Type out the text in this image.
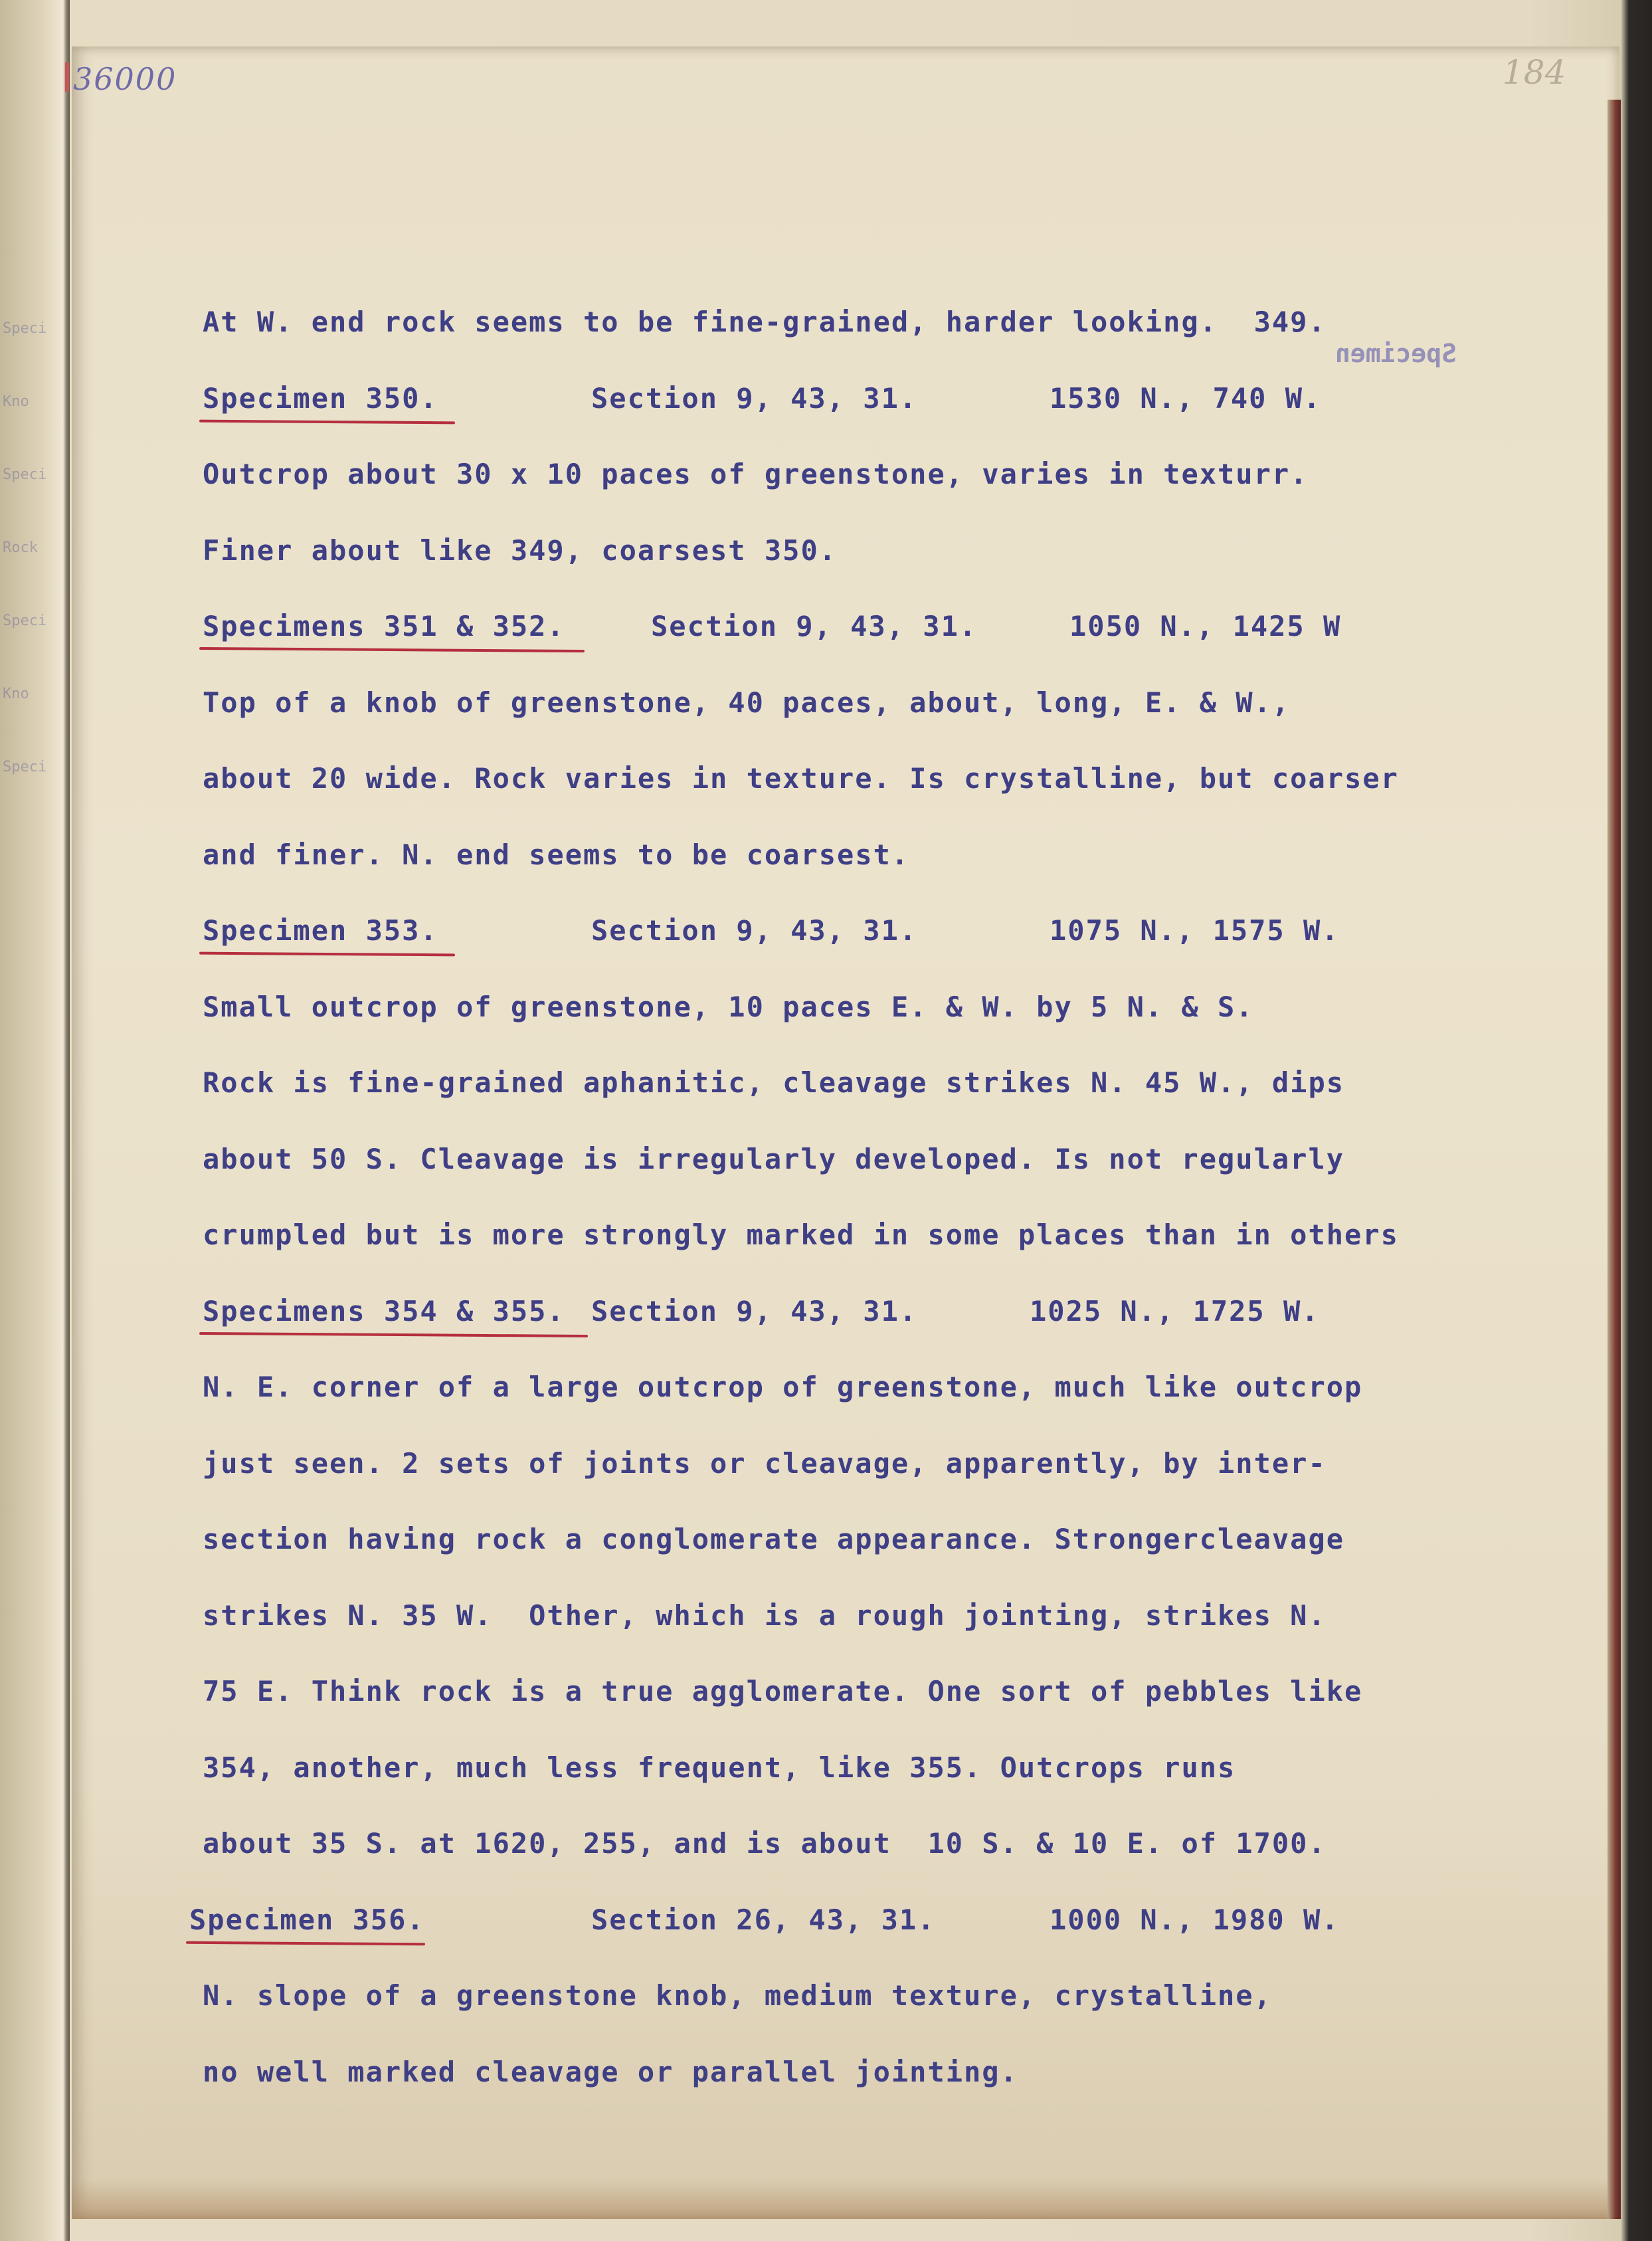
Speci
Kno
Speci
Rock
Speci
Kno
Speci
36000	184
Specimen
At W. end rock seems to be fine-grained, harder looking.  349.
Specimen 350.	Section 9, 43, 31.	1530 N., 740 W.
Outcrop about 30 x 10 paces of greenstone, varies in texturr.
Finer about like 349, coarsest 350.
Specimens 351 & 352.	Section 9, 43, 31.	1050 N., 1425 W
Top of a knob of greenstone, 40 paces, about, long, E. & W.,
about 20 wide. Rock varies in texture. Is crystalline, but coarser
and finer. N. end seems to be coarsest.
Specimen 353.	Section 9, 43, 31.	1075 N., 1575 W.
Small outcrop of greenstone, 10 paces E. & W. by 5 N. & S.
Rock is fine-grained aphanitic, cleavage strikes N. 45 W., dips
about 50 S. Cleavage is irregularly developed. Is not regularly
crumpled but is more strongly marked in some places than in others
Specimens 354 & 355. Section 9, 43, 31.	1025 N., 1725 W.
N. E. corner of a large outcrop of greenstone, much like outcrop
just seen. 2 sets of joints or cleavage, apparently, by inter-
section having rock a conglomerate appearance. Strongercleavage
strikes N. 35 W.  Other, which is a rough jointing, strikes N.
75 E. Think rock is a true agglomerate. One sort of pebbles like
354, another, much less frequent, like 355. Outcrops runs
about 35 S. at 1620, 255, and is about  10 S. & 10 E. of 1700.
Specimen 356.	Section 26, 43, 31.	1000 N., 1980 W.
N. slope of a greenstone knob, medium texture, crystalline,
no well marked cleavage or parallel jointing.
